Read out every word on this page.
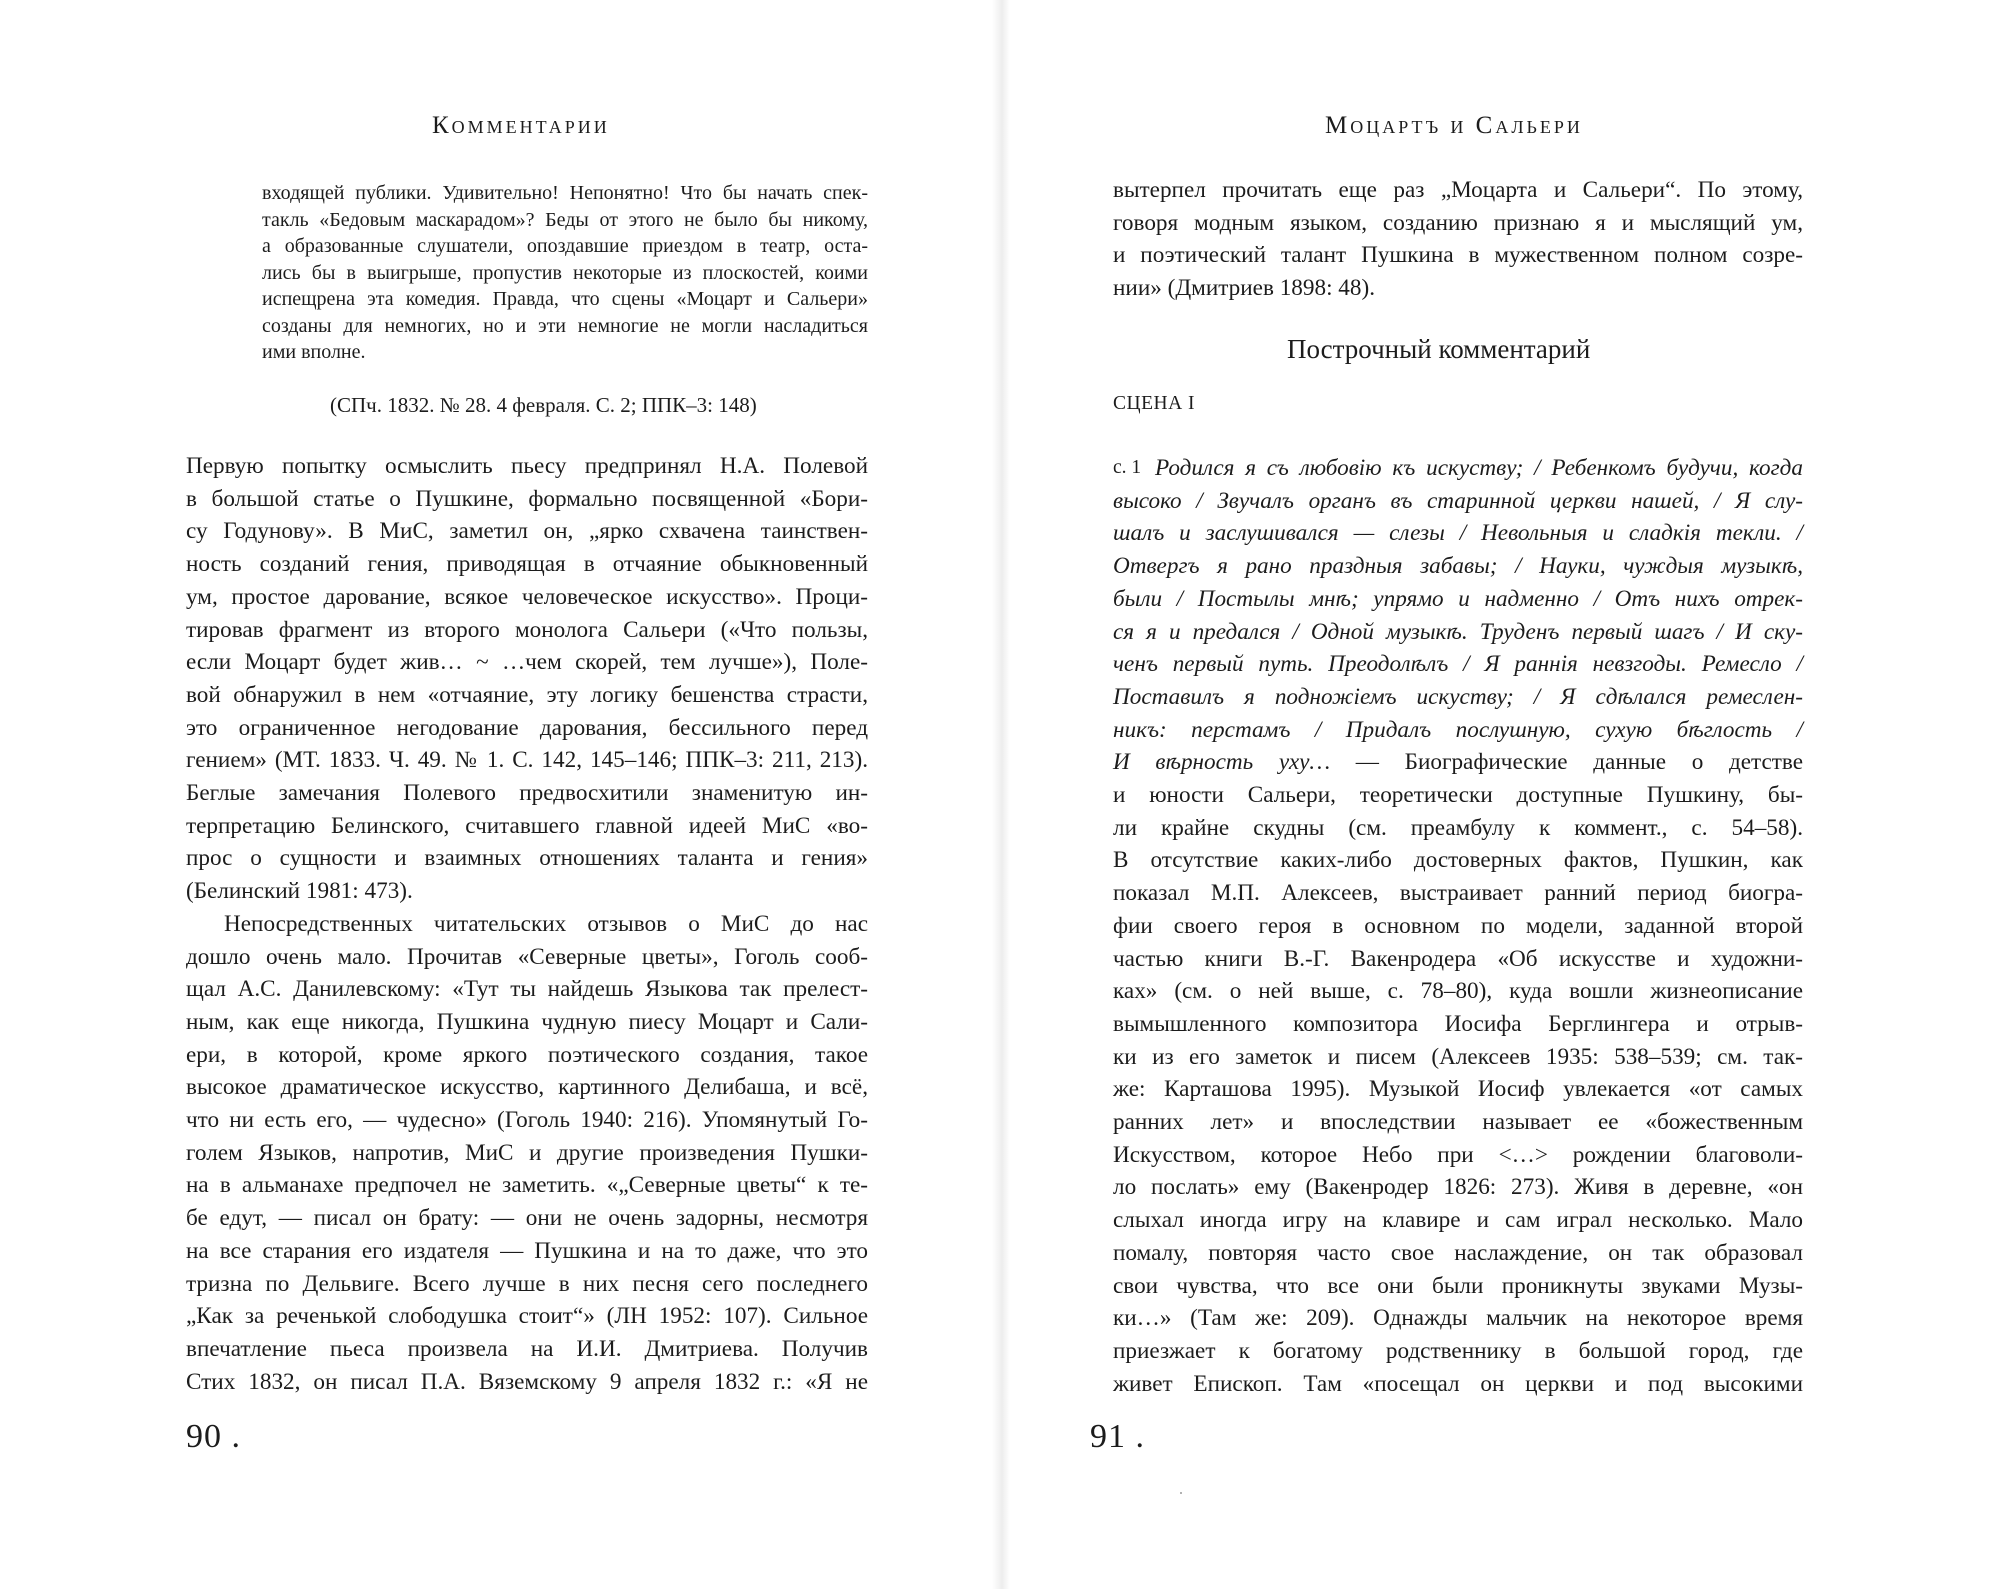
Комментарии
входящей публики. Удивительно! Непонятно! Что бы начать спек-
такль «Бедовым маскарадом»? Беды от этого не было бы никому,
а образованные слушатели, опоздавшие приездом в театр, оста-
лись бы в выигрыше, пропустив некоторые из плоскостей, коими
испещрена эта комедия. Правда, что сцены «Моцарт и Сальери»
созданы для немногих, но и эти немногие не могли насладиться
ими вполне.
(СПч. 1832. № 28. 4 февраля. С. 2; ППК–3: 148)
Первую попытку осмыслить пьесу предпринял Н.А. Полевой
в большой статье о Пушкине, формально посвященной «Бори-
су Годунову». В МиС, заметил он, „ярко схвачена таинствен-
ность созданий гения, приводящая в отчаяние обыкновенный
ум, простое дарование, всякое человеческое искусство». Проци-
тировав фрагмент из второго монолога Сальери («Что пользы,
если Моцарт будет жив… ~ …чем скорей, тем лучше»), Поле-
вой обнаружил в нем «отчаяние, эту логику бешенства страсти,
это ограниченное негодование дарования, бессильного перед
гением» (МТ. 1833. Ч. 49. № 1. С. 142, 145–146; ППК–3: 211, 213).
Беглые замечания Полевого предвосхитили знаменитую ин-
терпретацию Белинского, считавшего главной идеей МиС «во-
прос о сущности и взаимных отношениях таланта и гения»
(Белинский 1981: 473).
Непосредственных читательских отзывов о МиС до нас
дошло очень мало. Прочитав «Северные цветы», Гоголь сооб-
щал А.С. Данилевскому: «Тут ты найдешь Языкова так прелест-
ным, как еще никогда, Пушкина чудную пиесу Моцарт и Сали-
ери, в которой, кроме яркого поэтического создания, такое
высокое драматическое искусство, картинного Делибаша, и всё,
что ни есть его, — чудесно» (Гоголь 1940: 216). Упомянутый Го-
голем Языков, напротив, МиС и другие произведения Пушки-
на в альманахе предпочел не заметить. «„Северные цветы“ к те-
бе едут, — писал он брату: — они не очень задорны, несмотря
на все старания его издателя — Пушкина и на то даже, что это
тризна по Дельвиге. Всего лучше в них песня сего последнего
„Как за реченькой слободушка стоит“» (ЛН 1952: 107). Сильное
впечатление пьеса произвела на И.И. Дмитриева. Получив
Стих 1832, он писал П.А. Вяземскому 9 апреля 1832 г.: «Я не
90 .
Моцартъ и Сальери
вытерпел прочитать еще раз „Моцарта и Сальери“. По этому,
говоря модным языком, созданию признаю я и мыслящий ум,
и поэтический талант Пушкина в мужественном полном созре-
нии» (Дмитриев 1898: 48).
Построчный комментарий
СЦЕНА I
с. 1 Родился я съ любовію къ искуству; / Ребенкомъ будучи, когда
высоко / Звучалъ органъ въ старинной церкви нашей, / Я слу-
шалъ и заслушивался — слезы / Невольныя и сладкія текли. /
Отвергъ я рано праздныя забавы; / Науки, чуждыя музыкѣ,
были / Постылы мнѣ; упрямо и надменно / Отъ нихъ отрек-
ся я и предался / Одной музыкѣ. Труденъ первый шагъ / И ску-
ченъ первый путь. Преодолѣлъ / Я раннія невзгоды. Ремесло /
Поставилъ я подножіемъ искуству; / Я сдѣлался ремеслен-
никъ: перстамъ / Придалъ послушную, сухую бѣглость /
И вѣрность уху… — Биографические данные о детстве
и юности Сальери, теоретически доступные Пушкину, бы-
ли крайне скудны (см. преамбулу к коммент., с. 54–58).
В отсутствие каких-либо достоверных фактов, Пушкин, как
показал М.П. Алексеев, выстраивает ранний период биогра-
фии своего героя в основном по модели, заданной второй
частью книги В.-Г. Вакенродера «Об искусстве и художни-
ках» (см. о ней выше, с. 78–80), куда вошли жизнеописание
вымышленного композитора Иосифа Берглингера и отрыв-
ки из его заметок и писем (Алексеев 1935: 538–539; см. так-
же: Карташова 1995). Музыкой Иосиф увлекается «от самых
ранних лет» и впоследствии называет ее «божественным
Искусством, которое Небо при <…> рождении благоволи-
ло послать» ему (Вакенродер 1826: 273). Живя в деревне, «он
слыхал иногда игру на клавире и сам играл несколько. Мало
помалу, повторяя часто свое наслаждение, он так образовал
свои чувства, что все они были проникнуты звуками Музы-
ки…» (Там же: 209). Однажды мальчик на некоторое время
приезжает к богатому родственнику в большой город, где
живет Епископ. Там «посещал он церкви и под высокими
91 .
